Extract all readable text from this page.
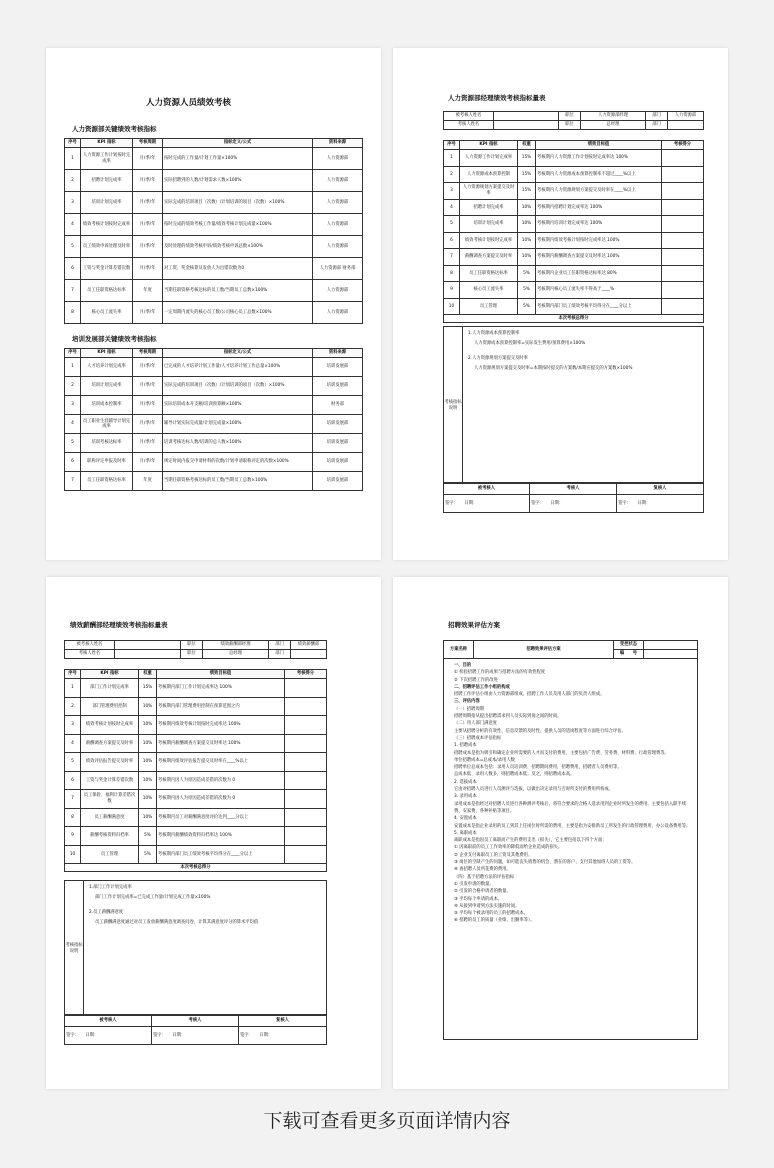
人力资源人员绩效考核
人力资源部关键绩效考核指标
序号	KPI 指标	考核周期	指标定义/公式	资料来源
1	人力资源工作计划按时完成率	月/季/年	按时完成的工作量/计划工作量×100%	人力资源部
2	招聘计划完成率	月/季/年	实际招聘到的人数/计划需求人数×100%	人力资源部
3	培训计划完成率	月/季/年	实际完成的培训项目（次数）/计划培训的项目（次数）×100%	人力资源部
4	绩效考核计划按时完成率	月/季/年	按时完成的绩效考核工作量/绩效考核计划完成量×100%	人力资源部
5	员工绩效申诉处理及时率	月/季/年	及时处理的绩效考核申诉/绩效考核申诉总数×100%	人力资源部
6	工资与奖金计算差错次数	月/季/年	对工资、奖金核算及发放人为出错次数为0	人力资源部 财务部
7	员工任职资格达标率	年度	当期任职资格考核达标的员工数/当期员工总数×100%	人力资源部
8	核心员工流失率	月/季/年	一定周期内流失的核心员工数/公司核心员工总数×100%	人力资源部
培训发展部关键绩效考核指标
序号	KPI 指标	考核周期	指标定义/公式	资料来源
1	人才培养计划完成率	月/季/年	已完成的人才培养计划工作量/人才培养计划工作总量×100%	培训发展部
2	培训计划完成率	月/季/年	实际完成的培训项目（次数）/计划培训的项目（次数）×100%	培训发展部
3	培训成本控制率	月/季/年	实际培训成本开支额/培训预算额×100%	财务部
4	员工职业生涯辅导计划完成率	月/季/年	辅导计划实际完成量/计划完成量×100%	培训发展部
5	培训考核达标率	月/季/年	培训考核达标人数/培训的总人数×100%	培训发展部
6	职称评定申报及时率	月/季/年	规定时间内报交申请材料的次数/计划申请职称评定的次数×100%	培训发展部
7	员工任职资格达标率	年度	当期任职资格考核达标的员工数/当期员工总数×100%	培训发展部
人力资源部经理绩效考核指标量表
被考核人姓名		职位	人力资源部经理	部门	人力资源部
考核人姓名		职位	总经理	部门	
序号	KPI 指标	权重	绩效目标值	考核得分
1	人力资源工作计划完成率	15%	考核期内人力资源工作计划按时完成率达 100%	
2	人力资源成本预算控制	15%	考核期内人力资源成本预算控制率不超过____%以上	
3	人力资源规划方案提交及时率	15%	考核期内人力资源规划方案提交及时率在____%以上	
4	招聘计划完成率	10%	考核期内招聘计划完成率达 100%	
5	培训计划完成率	10%	考核期内培训计划完成率达 100%	
6	绩效考核计划按时完成率	10%	考核期内绩效考核计划按时完成率达 100%	
7	薪酬调查方案提交及时率	10%	考核期内薪酬调查方案提交及时率达 100%	
8	员工任职资格达标率	5%	考核期内企业员工任职资格达标率达 80%	
9	核心员工流失率	5%	考核期内核心员工流失率不得高于____%	
10	员工管理	5%	考核期内部门员工绩效考核平均得分在____分以上	
本次考核总得分				
考核指标说明
1.人力资源成本预算控制率
人力资源成本预算控制率=实际发生费用/预算费用×100%
2.人力资源规划方案提交及时率
人力资源规划方案提交及时率=本期按时提交的方案数/本期应提交的方案数×100%
被考核人	考核人	复核人
签字：　　 日期：	签字：　　 日期：	签字：　　 日期：
绩效薪酬部经理绩效考核指标量表
被考核人姓名		职位	绩效薪酬部经理	部门	绩效薪酬部
考核人姓名		职位	总经理	部门	
序号	KPI 指标	权重	绩效目标值	考核得分
1	部门工作计划完成率	15%	考核期内部门工作计划完成率达 100%	
2	部门管理费用控制	10%	考核期内部门管理费用控制在预算范围之内	
3	绩效考核计划按时完成率	10%	考核期内绩效考核计划按时完成率达 100%	
4	薪酬调查方案提交及时率	10%	考核期内薪酬调查方案提交及时率达 100%	
5	绩效评估报告提交及时率	10%	考核期内绩效评估报告提交及时率在____%以上	
6	工资与奖金计算差错次数	10%	考核期内因人为原因造成差错的次数为 0	
7	员工保险、福利计算差错次数	10%	考核期内因人为原因造成差错的次数为 0	
8	员工薪酬满意度	10%	考核期内员工对薪酬满意度评价达到____分以上	
9	薪酬考核资料归档率	5%	考核期内薪酬绩效资料归档率达 100%	
10	员工管理	5%	考核期内部门员工绩效考核平均得分在____分以上	
本次考核总得分				
考核指标说明
1.部门工作计划完成率
部门工作计划完成率=已完成工作量/计划完成工作量×100%
2.员工薪酬满意度
员工薪酬满意度通过对员工发放薪酬满意度调查问卷，计算其满意度评分的算术平均值
被考核人	考核人	复核人
签字：　　 日期：	签字：　　 日期：	签字：　　 日期：
招聘效果评估方案
方案名称	招聘效果评估方案	受控状态	
		编　　号	
一、目的
① 检验招聘工作的成果与招聘方法的有效性程度
② 下次招聘工作的改进
二、招聘评估工作小组的构成
招聘工作评估小组由人力资源部组成，招聘工作人员及用人部门的负责人组成。
三、评估内容
（一）招聘周期
招聘周期指从提出招聘需求到人员实际到岗之间的时间。
（二）用人部门满意度
主要从招聘分析的有效性、信息反馈的及时性、提供人员的适岗程度等方面进行综合评估。
（三）招聘成本评估指标
1. 招聘成本
招聘成本是指为吸引和确定企业所需要的人才而支付的费用，主要包括广告费、劳务费、材料费、行政管理费等。
单位招聘成本=总成本/录用人数
招聘单位总成本包括：录用人员培训费、招聘期间费用，招聘费用，招聘者人员费用等。
总成本低、录用人数多，则招聘成本低；反之，则招聘成本高。
2. 选拔成本
它由对招聘人员进行人员测评与选拔，以做出决定录用与否时所支付的费用所构成。
3. 录用成本
录用成本是指经过对招聘人员进行各种测评考核后，将符合要求的合格人选录用到企业时所发生的费用，主要包括入职手续费、安家费、各种补贴等项目。
4. 安置成本
安置成本是指企业录用的员工到其上任岗位时所需的费用，主要是指为安排新员工所发生的行政管理费用、办公设备费用等。
5. 离职成本
离职成本是指因员工离职而产生的费用支出（损失），它主要包括以下四个方面：
① 因离职前的员工工作效率的降低而给企业造成的损失。
② 企业支付离职员工的工资及其他费用。
③ 岗位的空缺产生的问题，如可能丧失销售的机会、潜在的客户、支付其他加班人员的工资等。
④ 再招聘人员所花费的费用。
（四）基于招聘方法的评估指标
① 引发申请的数量。
② 引发的合格申请者的数量。
③ 平均每个申请的成本。
④ 从接到申请到方法实施的时间。
⑤ 平均每个被录用的员工的招聘成本。
⑥ 招聘的员工的质量（业绩、出勤率等）。
下载可查看更多页面详情内容
